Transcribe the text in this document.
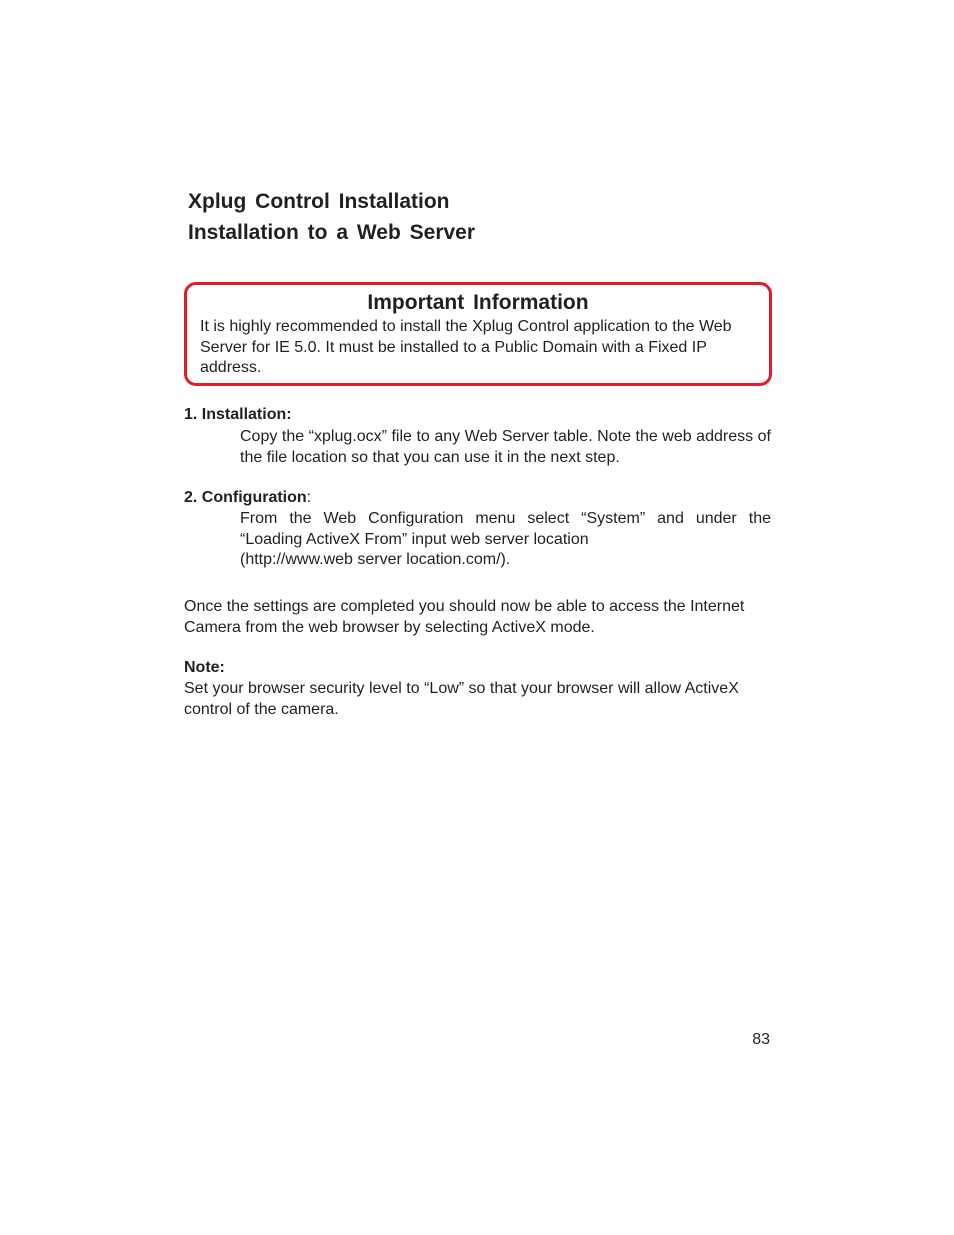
Xplug Control Installation
Installation to a Web Server
Important Information

It is highly recommended to install the Xplug Control application to the Web Server for IE 5.0. It must be installed to a Public Domain with a Fixed IP address.

1. Installation:

Copy the “xplug.ocx” file to any Web Server table. Note the web address of the file location so that you can use it in the next step.

2. Configuration:

From the Web Configuration menu select “System” and under the
“Loading ActiveX From” input web server location
(http://www.web server location.com/).

Once the settings are completed you should now be able to access the Internet Camera from the web browser by selecting ActiveX mode.

Note:

Set your browser security level to “Low” so that your browser will allow ActiveX control of the camera.

83
